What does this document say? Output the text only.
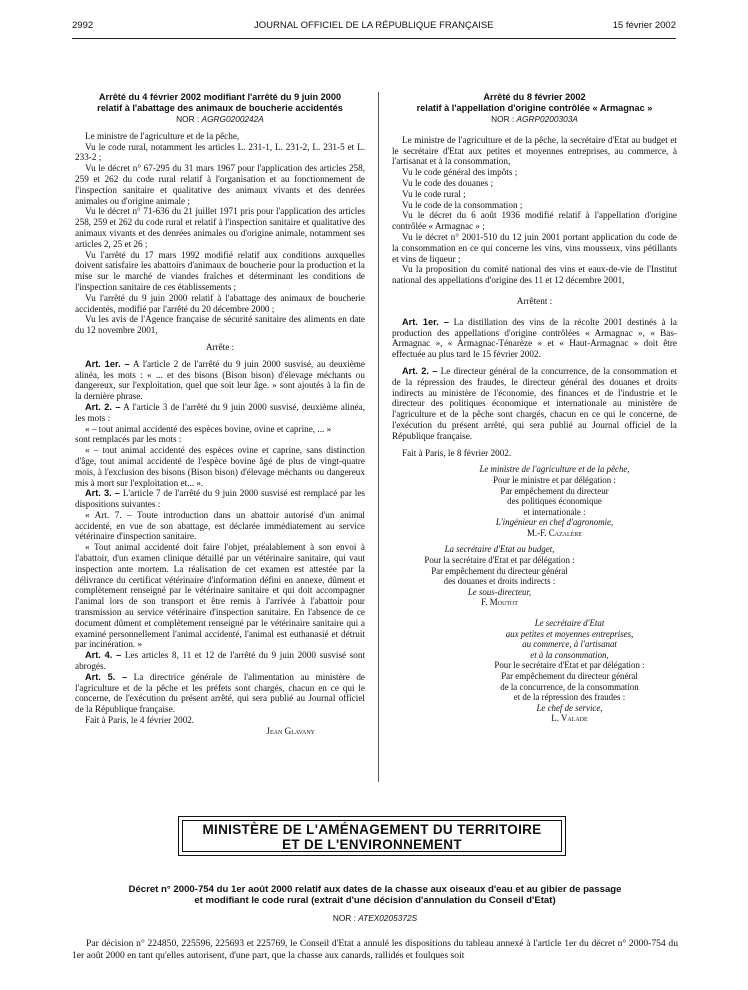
2992	JOURNAL OFFICIEL DE LA RÉPUBLIQUE FRANÇAISE	15 février 2002
Arrêté du 4 février 2002 modifiant l'arrêté du 9 juin 2000
relatif à l'abattage des animaux de boucherie accidentés
NOR : AGRG0200242A

Le ministre de l'agriculture et de la pêche,

Vu le code rural, notamment les articles L. 231-1, L. 231-2, L. 231-5 et L. 233-2 ;

Vu le décret n° 67-295 du 31 mars 1967 pour l'application des articles 258, 259 et 262 du code rural relatif à l'organisation et au fonctionnement de l'inspection sanitaire et qualitative des animaux vivants et des denrées animales ou d'origine animale ;

Vu le décret n° 71-636 du 21 juillet 1971 pris pour l'application des articles 258, 259 et 262 du code rural et relatif à l'inspection sanitaire et qualitative des animaux vivants et des denrées animales ou d'origine animale, notamment ses articles 2, 25 et 26 ;

Vu l'arrêté du 17 mars 1992 modifié relatif aux conditions auxquelles doivent satisfaire les abattoirs d'animaux de boucherie pour la production et la mise sur le marché de viandes fraîches et déterminant les conditions de l'inspection sanitaire de ces établissements ;

Vu l'arrêté du 9 juin 2000 relatif à l'abattage des animaux de boucherie accidentés, modifié par l'arrêté du 20 décembre 2000 ;

Vu les avis de l'Agence française de sécurité sanitaire des aliments en date du 12 novembre 2001,

Arrête :

Art. 1er. – A l'article 2 de l'arrêté du 9 juin 2000 susvisé, au deuxième alinéa, les mots : « ... et des bisons (Bison bison) d'élevage méchants ou dangereux, sur l'exploitation, quel que soit leur âge. » sont ajoutés à la fin de la dernière phrase.

Art. 2. – A l'article 3 de l'arrêté du 9 juin 2000 susvisé, deuxième alinéa, les mots :

« – tout animal accidenté des espèces bovine, ovine et caprine, ... »

sont remplacés par les mots :

« – tout animal accidenté des espèces ovine et caprine, sans distinction d'âge, tout animal accidenté de l'espèce bovine âgé de plus de vingt-quatre mois, à l'exclusion des bisons (Bison bison) d'élevage méchants ou dangereux mis à mort sur l'exploitation et... ».

Art. 3. – L'article 7 de l'arrêté du 9 juin 2000 susvisé est remplacé par les dispositions suivantes :

« Art. 7. – Toute introduction dans un abattoir autorisé d'un animal accidenté, en vue de son abattage, est déclarée immédiatement au service vétérinaire d'inspection sanitaire.

« Tout animal accidenté doit faire l'objet, préalablement à son envoi à l'abattoir, d'un examen clinique détaillé par un vétérinaire sanitaire, qui vaut inspection ante mortem. La réalisation de cet examen est attestée par la délivrance du certificat vétérinaire d'information défini en annexe, dûment et complètement renseigné par le vétérinaire sanitaire et qui doit accompagner l'animal lors de son transport et être remis à l'arrivée à l'abattoir pour transmission au service vétérinaire d'inspection sanitaire. En l'absence de ce document dûment et complètement renseigné par le vétérinaire sanitaire qui a examiné personnellement l'animal accidenté, l'animal est euthanasié et détruit par incinération. »

Art. 4. – Les articles 8, 11 et 12 de l'arrêté du 9 juin 2000 susvisé sont abrogés.

Art. 5. – La directrice générale de l'alimentation au ministère de l'agriculture et de la pêche et les préfets sont chargés, chacun en ce qui le concerne, de l'exécution du présent arrêté, qui sera publié au Journal officiel de la République française.

Fait à Paris, le 4 février 2002.

Jean Glavany

Arrêté du 8 février 2002
relatif à l'appellation d'origine contrôlée « Armagnac »
NOR : AGRP0200303A

Le ministre de l'agriculture et de la pêche, la secrétaire d'Etat au budget et le secrétaire d'Etat aux petites et moyennes entreprises, au commerce, à l'artisanat et à la consommation,

Vu le code général des impôts ;

Vu le code des douanes ;

Vu le code rural ;

Vu le code de la consommation ;

Vu le décret du 6 août 1936 modifié relatif à l'appellation d'origine contrôlée « Armagnac » ;

Vu le décret n° 2001-510 du 12 juin 2001 portant application du code de la consommation en ce qui concerne les vins, vins mousseux, vins pétillants et vins de liqueur ;

Vu la proposition du comité national des vins et eaux-de-vie de l'Institut national des appellations d'origine des 11 et 12 décembre 2001,

Arrêtent :

Art. 1er. – La distillation des vins de la récolte 2001 destinés à la production des appellations d'origine contrôlées « Armagnac », « Bas-Armagnac », « Armagnac-Ténarèze » et « Haut-Armagnac » doit être effectuée au plus tard le 15 février 2002.

Art. 2. – Le directeur général de la concurrence, de la consommation et de la répression des fraudes, le directeur général des douanes et droits indirects au ministère de l'économie, des finances et de l'industrie et le directeur des politiques économique et internationale au ministère de l'agriculture et de la pêche sont chargés, chacun en ce qui le concerne, de l'exécution du présent arrêté, qui sera publié au Journal officiel de la République française.

Fait à Paris, le 8 février 2002.

Le ministre de l'agriculture et de la pêche,
Pour le ministre et par délégation :
Par empêchement du directeur
des politiques économique
et internationale :
L'ingénieur en chef d'agronomie,
M.-F. Cazalère
La secrétaire d'Etat au budget,
Pour la secrétaire d'Etat et par délégation :
Par empêchement du directeur général
des douanes et droits indirects :
Le sous-directeur,
F. Moutot
Le secrétaire d'Etat
aux petites et moyennes entreprises,
au commerce, à l'artisanat
et à la consommation,
Pour le secrétaire d'Etat et par délégation :
Par empêchement du directeur général
de la concurrence, de la consommation
et de la répression des fraudes :
Le chef de service,
L. Valade
MINISTÈRE DE L'AMÉNAGEMENT DU TERRITOIRE
ET DE L'ENVIRONNEMENT
Décret n° 2000-754 du 1er août 2000 relatif aux dates de la chasse aux oiseaux d'eau et au gibier de passage
et modifiant le code rural (extrait d'une décision d'annulation du Conseil d'Etat)
NOR : ATEX0205372S
Par décision n° 224850, 225596, 225693 et 225769, le Conseil d'Etat a annulé les dispositions du tableau annexé à l'article 1er du décret n° 2000-754 du 1er août 2000 en tant qu'elles autorisent, d'une part, que la chasse aux canards, rallidés et foulques soit
